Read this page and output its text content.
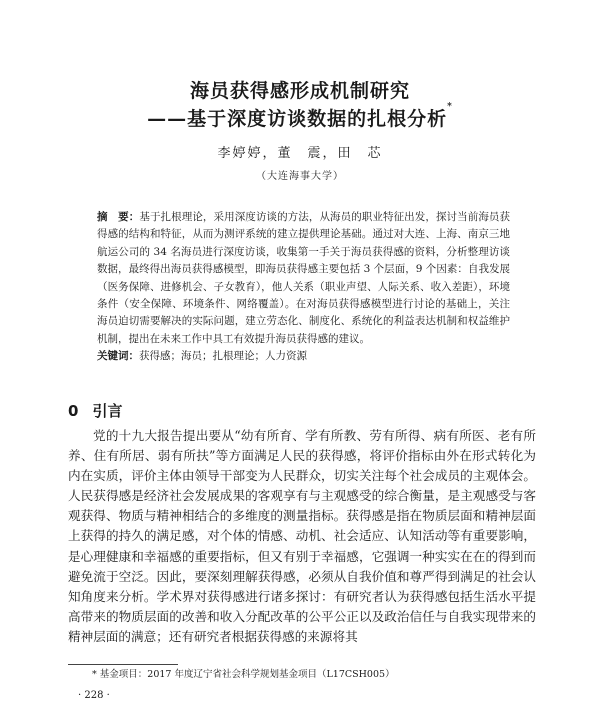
海员获得感形成机制研究
——基于深度访谈数据的扎根分析*
李婷婷，董　震，田　芯
（大连海事大学）
摘　要：基于扎根理论，采用深度访谈的方法，从海员的职业特征出发，探讨当前海员获得感的结构和特征，从而为测评系统的建立提供理论基础。通过对大连、上海、南京三地航运公司的 34 名海员进行深度访谈，收集第一手关于海员获得感的资料，分析整理访谈数据，最终得出海员获得感模型，即海员获得感主要包括 3 个层面，9 个因素：自我发展（医务保障、进修机会、子女教育），他人关系（职业声望、人际关系、收入差距），环境条件（安全保障、环境条件、网络覆盖）。在对海员获得感模型进行讨论的基础上，关注海员迫切需要解决的实际问题，建立劳态化、制度化、系统化的利益表达机制和权益维护机制，提出在未来工作中具工有效提升海员获得感的建议。
关键词：获得感；海员；扎根理论；人力资源
0 引言
党的十九大报告提出要从“幼有所育、学有所教、劳有所得、病有所医、老有所养、住有所居、弱有所扶”等方面满足人民的获得感，将评价指标由外在形式转化为内在实质，评价主体由领导干部变为人民群众，切实关注每个社会成员的主观体会。人民获得感是经济社会发展成果的客观享有与主观感受的综合衡量，是主观感受与客观获得、物质与精神相结合的多维度的测量指标。获得感是指在物质层面和精神层面上获得的持久的满足感，对个体的情感、动机、社会适应、认知活动等有重要影响，是心理健康和幸福感的重要指标，但又有别于幸福感，它强调一种实实在在的得到而避免流于空泛。因此，要深刻理解获得感，必须从自我价值和尊严得到满足的社会认知角度来分析。学术界对获得感进行诸多探讨：有研究者认为获得感包括生活水平提高带来的物质层面的改善和收入分配改革的公平公正以及政治信任与自我实现带来的精神层面的满意；还有研究者根据获得感的来源将其
* 基金项目：2017 年度辽宁省社会科学规划基金项目（L17CSH005）
· 228 ·
